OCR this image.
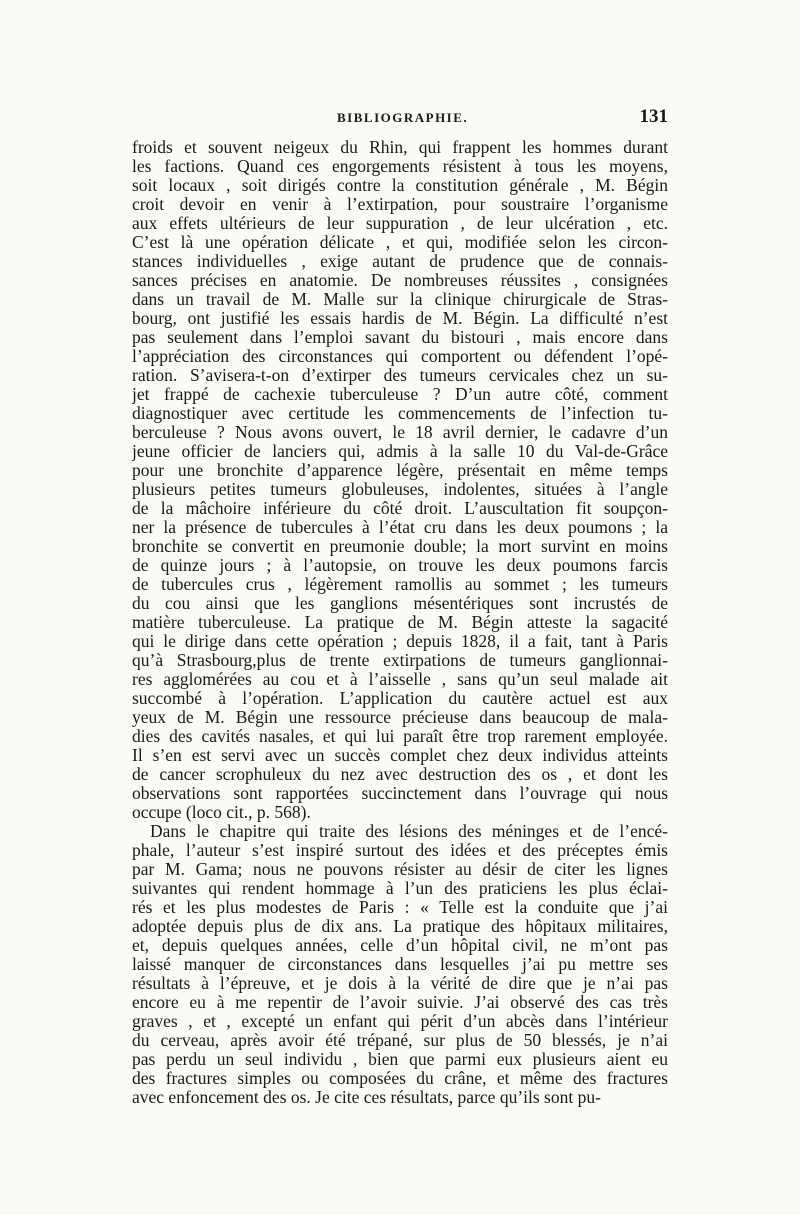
BIBLIOGRAPHIE.	131
froids et souvent neigeux du Rhin, qui frappent les hommes durant
les factions. Quand ces engorgements résistent à tous les moyens,
soit locaux , soit dirigés contre la constitution générale , M. Bégin
croit devoir en venir à l’extirpation, pour soustraire l’organisme
aux effets ultérieurs de leur suppuration , de leur ulcération , etc.
C’est là une opération délicate , et qui, modifiée selon les circon-
stances individuelles , exige autant de prudence que de connais-
sances précises en anatomie. De nombreuses réussites , consignées
dans un travail de M. Malle sur la clinique chirurgicale de Stras-
bourg, ont justifié les essais hardis de M. Bégin. La difficulté n’est
pas seulement dans l’emploi savant du bistouri , mais encore dans
l’appréciation des circonstances qui comportent ou défendent l’opé-
ration. S’avisera-t-on d’extirper des tumeurs cervicales chez un su-
jet frappé de cachexie tuberculeuse ? D’un autre côté, comment
diagnostiquer avec certitude les commencements de l’infection tu-
berculeuse ? Nous avons ouvert, le 18 avril dernier, le cadavre d’un
jeune officier de lanciers qui, admis à la salle 10 du Val-de-Grâce
pour une bronchite d’apparence légère, présentait en même temps
plusieurs petites tumeurs globuleuses, indolentes, situées à l’angle
de la mâchoire inférieure du côté droit. L’auscultation fit soupçon-
ner la présence de tubercules à l’état cru dans les deux poumons ; la
bronchite se convertit en preumonie double; la mort survint en moins
de quinze jours ; à l’autopsie, on trouve les deux poumons farcis
de tubercules crus , légèrement ramollis au sommet ; les tumeurs
du cou ainsi que les ganglions mésentériques sont incrustés de
matière tuberculeuse. La pratique de M. Bégin atteste la sagacité
qui le dirige dans cette opération ; depuis 1828, il a fait, tant à Paris
qu’à Strasbourg,plus de trente extirpations de tumeurs ganglionnai-
res agglomérées au cou et à l’aisselle , sans qu’un seul malade ait
succombé à l’opération. L’application du cautère actuel est aux
yeux de M. Bégin une ressource précieuse dans beaucoup de mala-
dies des cavités nasales, et qui lui paraît être trop rarement employée.
Il s’en est servi avec un succès complet chez deux individus atteints
de cancer scrophuleux du nez avec destruction des os , et dont les
observations sont rapportées succinctement dans l’ouvrage qui nous
occupe (loco cit., p. 568).
Dans le chapitre qui traite des lésions des méninges et de l’encé-
phale, l’auteur s’est inspiré surtout des idées et des préceptes émis
par M. Gama; nous ne pouvons résister au désir de citer les lignes
suivantes qui rendent hommage à l’un des praticiens les plus éclai-
rés et les plus modestes de Paris : « Telle est la conduite que j’ai
adoptée depuis plus de dix ans. La pratique des hôpitaux militaires,
et, depuis quelques années, celle d’un hôpital civil, ne m’ont pas
laissé manquer de circonstances dans lesquelles j’ai pu mettre ses
résultats à l’épreuve, et je dois à la vérité de dire que je n’ai pas
encore eu à me repentir de l’avoir suivie. J’ai observé des cas très
graves , et , excepté un enfant qui périt d’un abcès dans l’intérieur
du cerveau, après avoir été trépané, sur plus de 50 blessés, je n’ai
pas perdu un seul individu , bien que parmi eux plusieurs aient eu
des fractures simples ou composées du crâne, et même des fractures
avec enfoncement des os. Je cite ces résultats, parce qu’ils sont pu-
